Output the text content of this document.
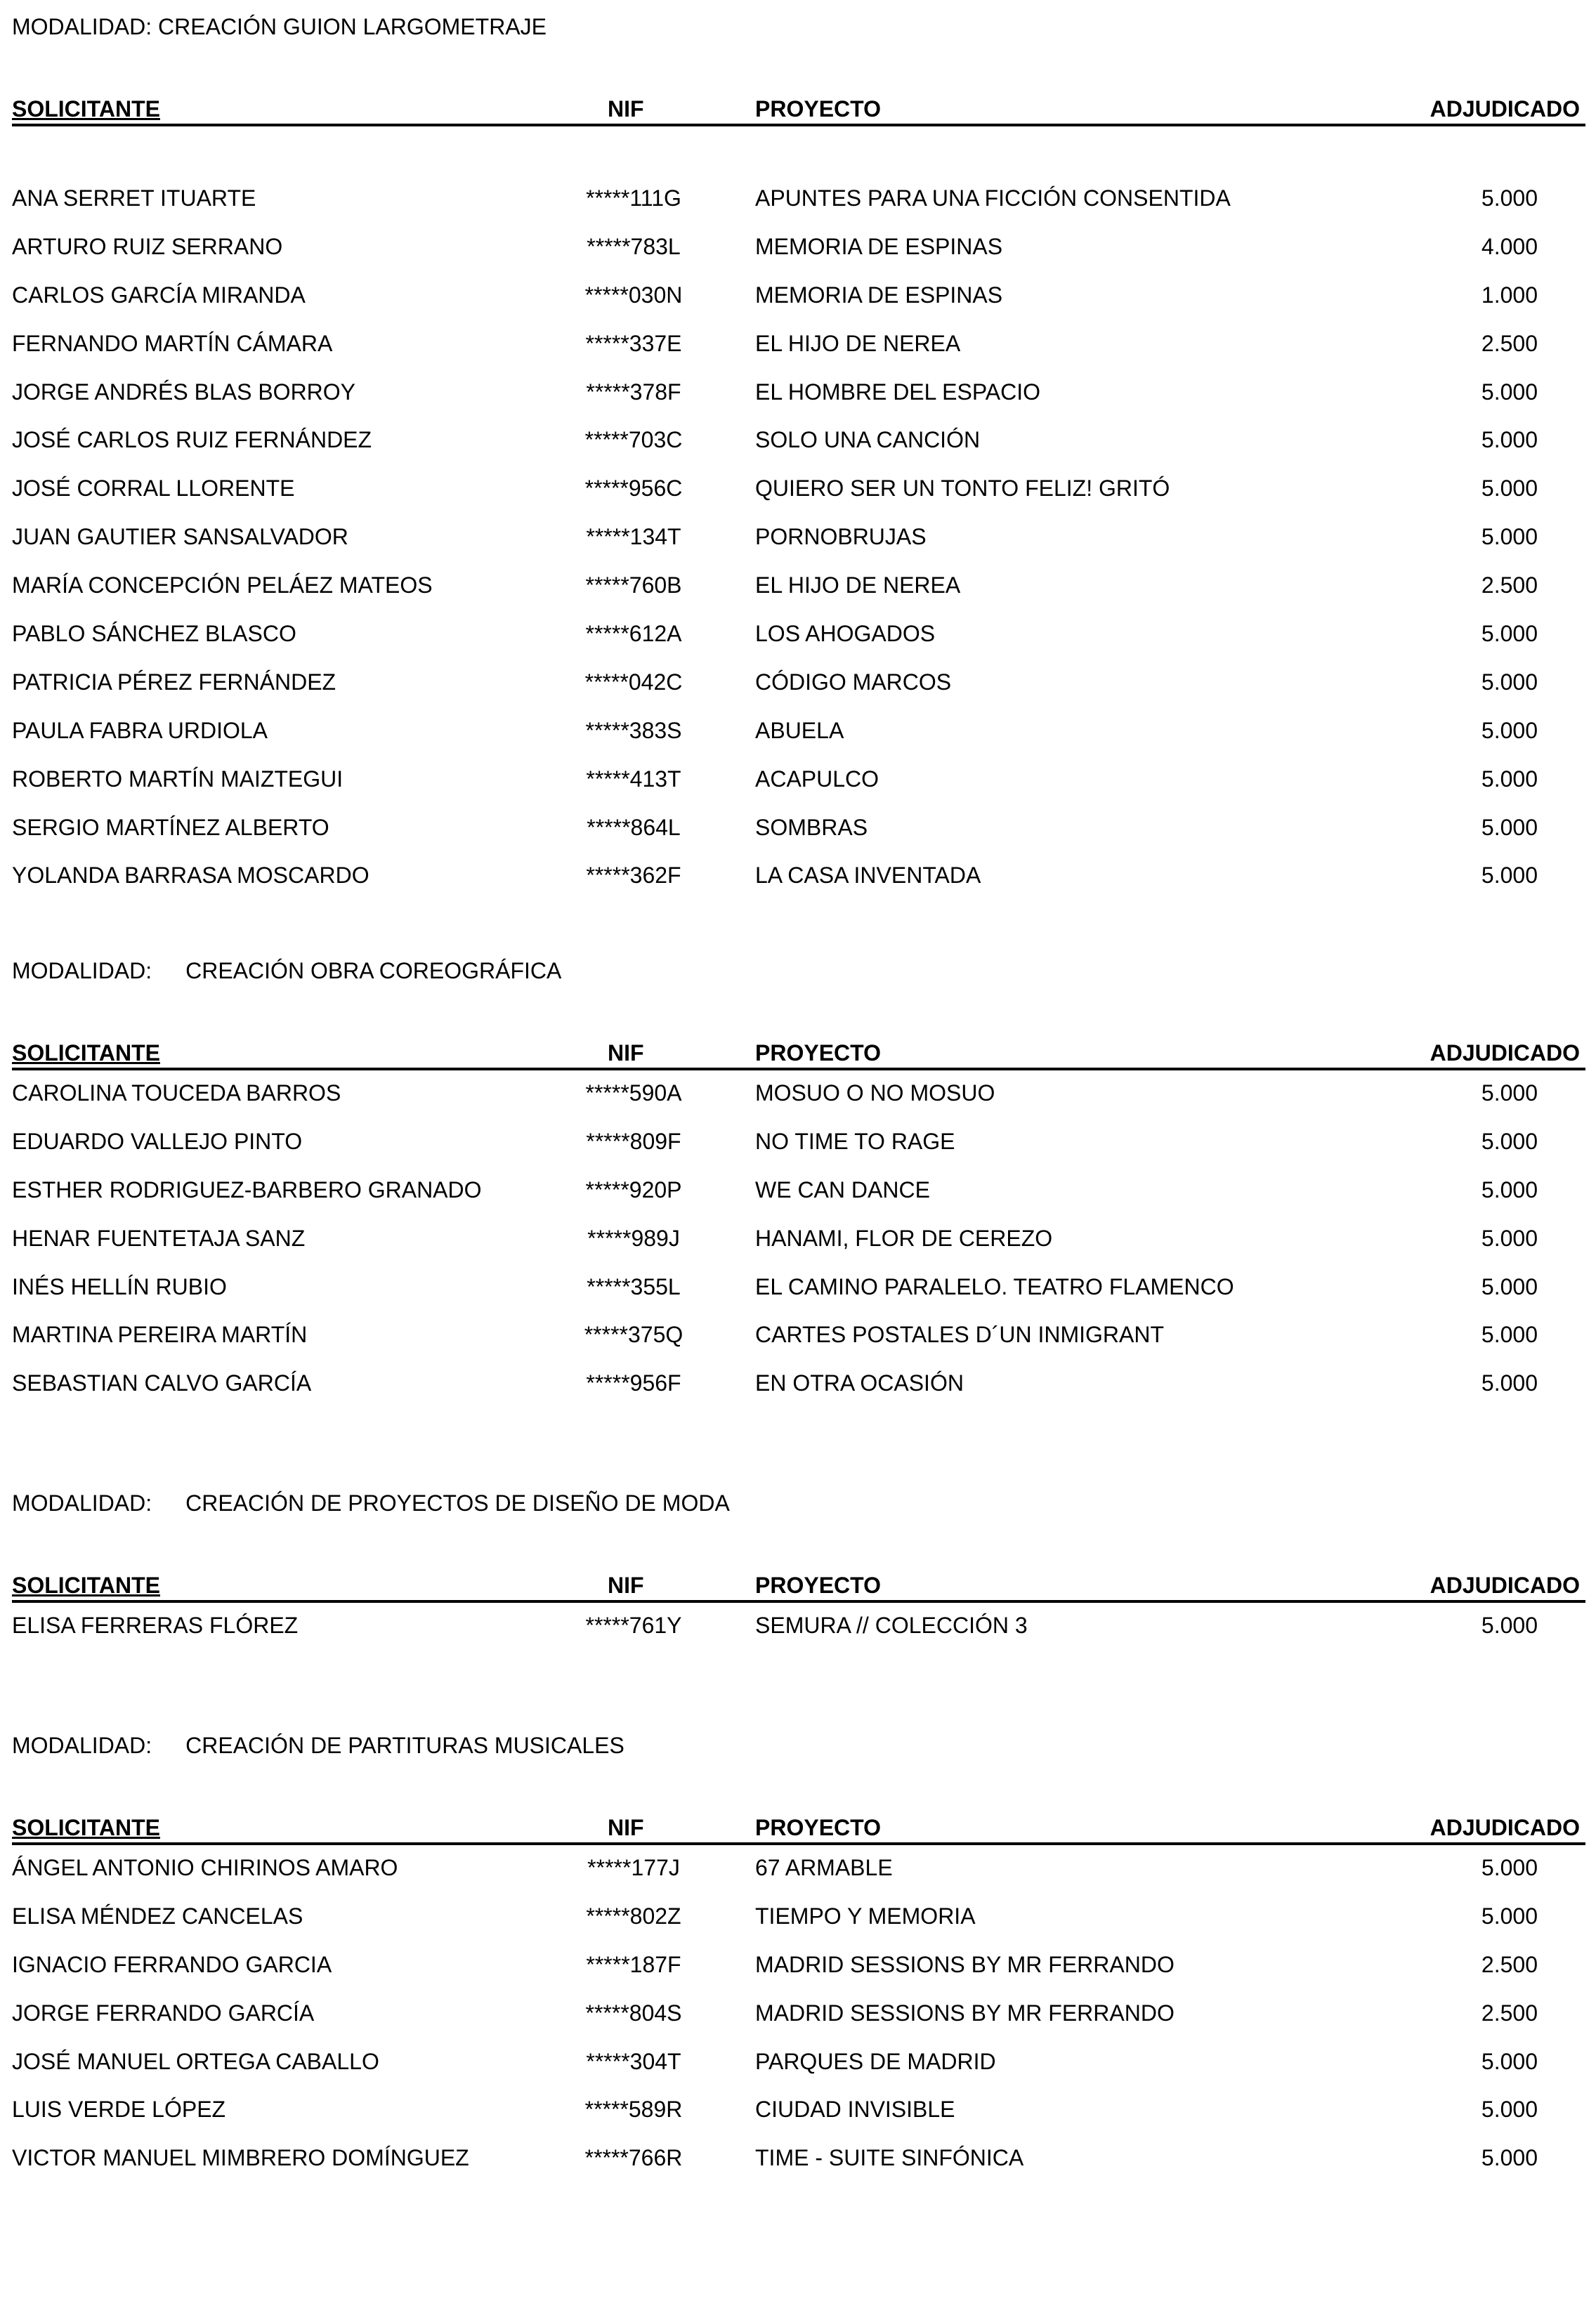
MODALIDAD: CREACIÓN GUION LARGOMETRAJE
SOLICITANTE	NIF	PROYECTO	ADJUDICADO
ANA SERRET ITUARTE	*****111G	APUNTES PARA UNA FICCIÓN CONSENTIDA	5.000
ARTURO RUIZ SERRANO	*****783L	MEMORIA DE ESPINAS	4.000
CARLOS GARCÍA MIRANDA	*****030N	MEMORIA DE ESPINAS	1.000
FERNANDO MARTÍN CÁMARA	*****337E	EL HIJO DE NEREA	2.500
JORGE ANDRÉS BLAS BORROY	*****378F	EL HOMBRE DEL ESPACIO	5.000
JOSÉ CARLOS RUIZ FERNÁNDEZ	*****703C	SOLO UNA CANCIÓN	5.000
JOSÉ CORRAL LLORENTE	*****956C	QUIERO SER UN TONTO FELIZ! GRITÓ	5.000
JUAN GAUTIER SANSALVADOR	*****134T	PORNOBRUJAS	5.000
MARÍA CONCEPCIÓN PELÁEZ MATEOS	*****760B	EL HIJO DE NEREA	2.500
PABLO SÁNCHEZ BLASCO	*****612A	LOS AHOGADOS	5.000
PATRICIA PÉREZ FERNÁNDEZ	*****042C	CÓDIGO MARCOS	5.000
PAULA FABRA URDIOLA	*****383S	ABUELA	5.000
ROBERTO MARTÍN MAIZTEGUI	*****413T	ACAPULCO	5.000
SERGIO MARTÍNEZ ALBERTO	*****864L	SOMBRAS	5.000
YOLANDA BARRASA MOSCARDO	*****362F	LA CASA INVENTADA	5.000
MODALIDAD: CREACIÓN OBRA COREOGRÁFICA
SOLICITANTE	NIF	PROYECTO	ADJUDICADO
CAROLINA TOUCEDA BARROS	*****590A	MOSUO O NO MOSUO	5.000
EDUARDO VALLEJO PINTO	*****809F	NO TIME TO RAGE	5.000
ESTHER RODRIGUEZ-BARBERO GRANADO	*****920P	WE CAN DANCE	5.000
HENAR FUENTETAJA SANZ	*****989J	HANAMI, FLOR DE CEREZO	5.000
INÉS HELLÍN RUBIO	*****355L	EL CAMINO PARALELO. TEATRO FLAMENCO	5.000
MARTINA PEREIRA MARTÍN	*****375Q	CARTES POSTALES D´UN INMIGRANT	5.000
SEBASTIAN CALVO GARCÍA	*****956F	EN OTRA OCASIÓN	5.000
MODALIDAD: CREACIÓN DE PROYECTOS DE DISEÑO DE MODA
SOLICITANTE	NIF	PROYECTO	ADJUDICADO
ELISA FERRERAS FLÓREZ	*****761Y	SEMURA // COLECCIÓN 3	5.000
MODALIDAD: CREACIÓN DE PARTITURAS MUSICALES
SOLICITANTE	NIF	PROYECTO	ADJUDICADO
ÁNGEL ANTONIO CHIRINOS AMARO	*****177J	67 ARMABLE	5.000
ELISA MÉNDEZ CANCELAS	*****802Z	TIEMPO Y MEMORIA	5.000
IGNACIO FERRANDO GARCIA	*****187F	MADRID SESSIONS BY MR FERRANDO	2.500
JORGE FERRANDO GARCÍA	*****804S	MADRID SESSIONS BY MR FERRANDO	2.500
JOSÉ MANUEL ORTEGA CABALLO	*****304T	PARQUES DE MADRID	5.000
LUIS VERDE LÓPEZ	*****589R	CIUDAD INVISIBLE	5.000
VICTOR MANUEL MIMBRERO DOMÍNGUEZ	*****766R	TIME - SUITE SINFÓNICA	5.000
